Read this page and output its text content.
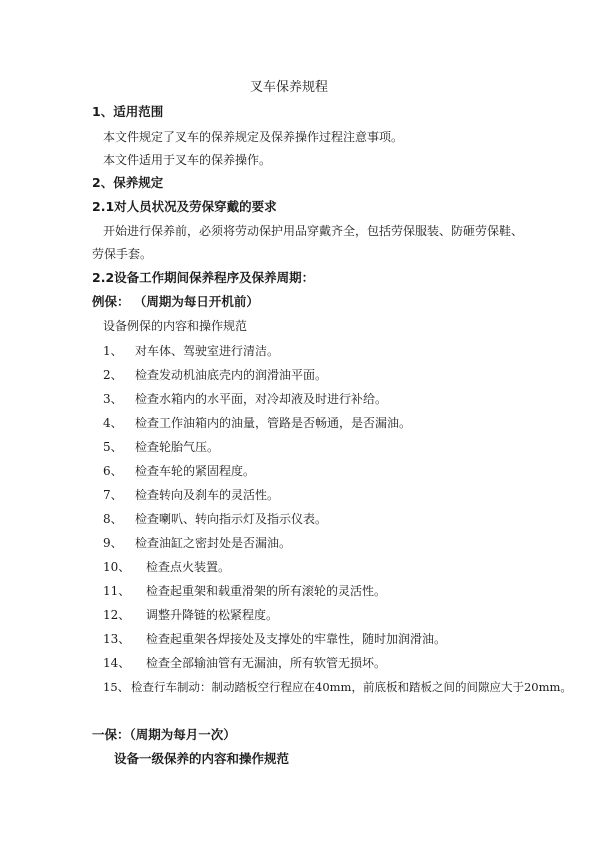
叉车保养规程
1、适用范围
本文件规定了叉车的保养规定及保养操作过程注意事项。
本文件适用于叉车的保养操作。
2、保养规定
2.1对人员状况及劳保穿戴的要求
开始进行保养前，必须将劳动保护用品穿戴齐全，包括劳保服装、防砸劳保鞋、
劳保手套。
2.2设备工作期间保养程序及保养周期：
例保： （周期为每日开机前）
设备例保的内容和操作规范
1、 对车体、驾驶室进行清洁。
2、 检查发动机油底壳内的润滑油平面。
3、 检查水箱内的水平面，对冷却液及时进行补给。
4、 检查工作油箱内的油量，管路是否畅通，是否漏油。
5、 检查轮胎气压。
6、 检查车轮的紧固程度。
7、 检查转向及刹车的灵活性。
8、 检查喇叭、转向指示灯及指示仪表。
9、 检查油缸之密封处是否漏油。
10、 检查点火装置。
11、 检查起重架和载重滑架的所有滚轮的灵活性。
12、 调整升降链的松紧程度。
13、 检查起重架各焊接处及支撑处的牢靠性，随时加润滑油。
14、 检查全部输油管有无漏油，所有软管无损坏。
15、 检查行车制动：制动踏板空行程应在40mm，前底板和踏板之间的间隙应大于20mm。
一保：（周期为每月一次）
设备一级保养的内容和操作规范
